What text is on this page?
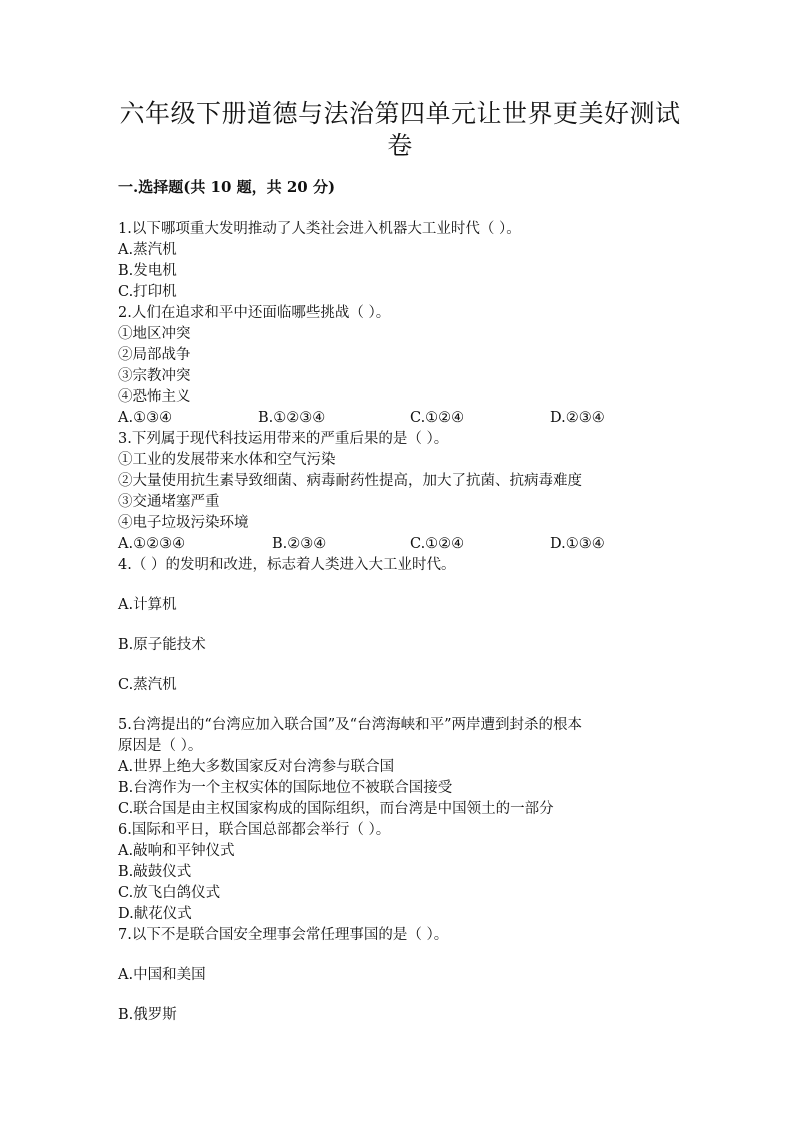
六年级下册道德与法治第四单元让世界更美好测试
卷
一.选择题(共 10 题，共 20 分)
1.以下哪项重大发明推动了人类社会进入机器大工业时代（ ）。
A.蒸汽机
B.发电机
C.打印机
2.人们在追求和平中还面临哪些挑战（ ）。
①地区冲突
②局部战争
③宗教冲突
④恐怖主义
A.①③④	B.①②③④	C.①②④	D.②③④
3.下列属于现代科技运用带来的严重后果的是（ ）。
①工业的发展带来水体和空气污染
②大量使用抗生素导致细菌、病毒耐药性提高，加大了抗菌、抗病毒难度
③交通堵塞严重
④电子垃圾污染环境
A.①②③④	B.②③④	C.①②④	D.①③④
4.（ ）的发明和改进，标志着人类进入大工业时代。
A.计算机
B.原子能技术
C.蒸汽机
5.台湾提出的“台湾应加入联合国”及“台湾海峡和平”两岸遭到封杀的根本
原因是（ ）。
A.世界上绝大多数国家反对台湾参与联合国
B.台湾作为一个主权实体的国际地位不被联合国接受
C.联合国是由主权国家构成的国际组织，而台湾是中国领土的一部分
6.国际和平日，联合国总部都会举行（ ）。
A.敲响和平钟仪式
B.敲鼓仪式
C.放飞白鸽仪式
D.献花仪式
7.以下不是联合国安全理事会常任理事国的是（ ）。
A.中国和美国
B.俄罗斯
